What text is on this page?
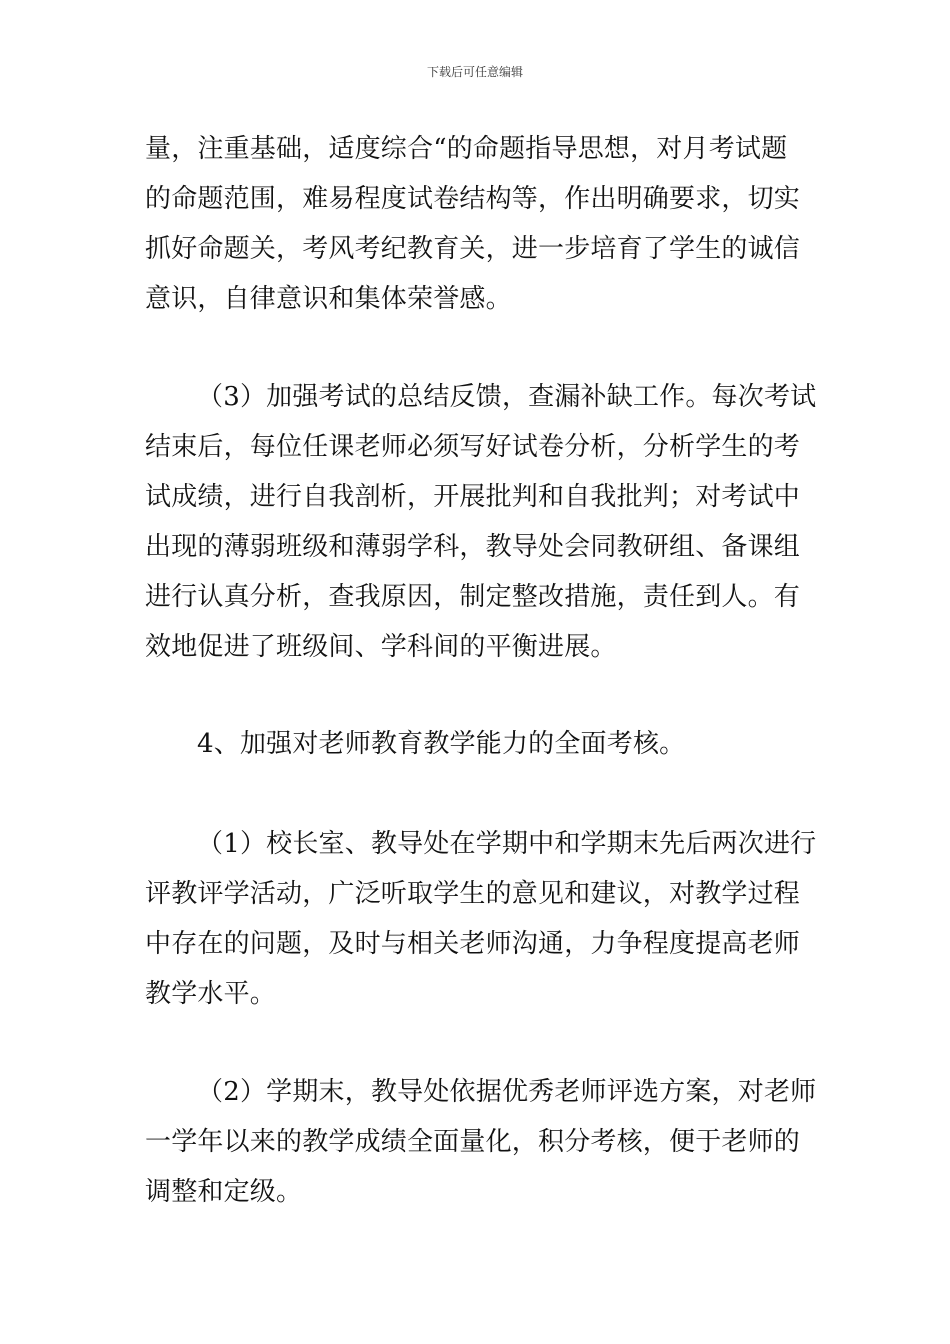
下载后可任意编辑
量，注重基础，适度综合“的命题指导思想，对月考试题
的命题范围，难易程度试卷结构等，作出明确要求，切实
抓好命题关，考风考纪教育关，进一步培育了学生的诚信
意识，自律意识和集体荣誉感。
（3）加强考试的总结反馈，查漏补缺工作。每次考试
结束后，每位任课老师必须写好试卷分析，分析学生的考
试成绩，进行自我剖析，开展批判和自我批判；对考试中
出现的薄弱班级和薄弱学科，教导处会同教研组、备课组
进行认真分析，查我原因，制定整改措施，责任到人。有
效地促进了班级间、学科间的平衡进展。
4、加强对老师教育教学能力的全面考核。
（1）校长室、教导处在学期中和学期末先后两次进行
评教评学活动，广泛听取学生的意见和建议，对教学过程
中存在的问题，及时与相关老师沟通，力争程度提高老师
教学水平。
（2）学期末，教导处依据优秀老师评选方案，对老师
一学年以来的教学成绩全面量化，积分考核，便于老师的
调整和定级。
